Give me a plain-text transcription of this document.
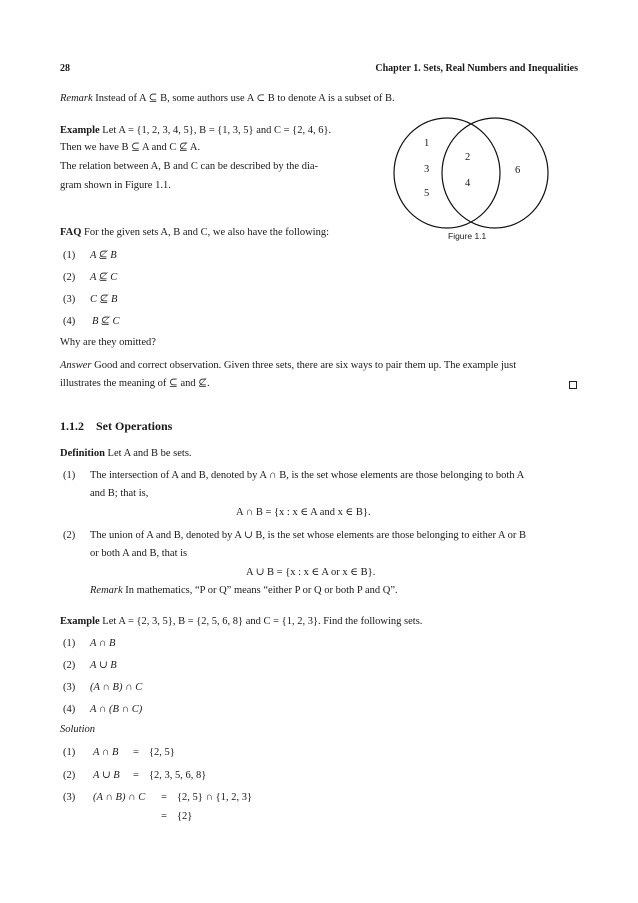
28	Chapter 1. Sets, Real Numbers and Inequalities
Remark Instead of A ⊆ B, some authors use A ⊂ B to denote A is a subset of B.
Example Let A = {1, 2, 3, 4, 5}, B = {1, 3, 5} and C = {2, 4, 6}.
Then we have B ⊆ A and C ⊈ A.
The relation between A, B and C can be described by the dia-
gram shown in Figure 1.1.
1
3
5
2
4
6
Figure 1.1
FAQ For the given sets A, B and C, we also have the following:
(1) A ⊈ B
(2) A ⊈ C
(3) C ⊈ B
(4) B ⊈ C
Why are they omitted?
Answer Good and correct observation. Given three sets, there are six ways to pair them up. The example just
illustrates the meaning of ⊆ and ⊈.
1.1.2 Set Operations
Definition Let A and B be sets.
(1) The intersection of A and B, denoted by A ∩ B, is the set whose elements are those belonging to both A
and B; that is,
A ∩ B = {x : x ∈ A and x ∈ B}.
(2) The union of A and B, denoted by A ∪ B, is the set whose elements are those belonging to either A or B
or both A and B, that is
A ∪ B = {x : x ∈ A or x ∈ B}.
Remark In mathematics, “P or Q” means “either P or Q or both P and Q”.
Example Let A = {2, 3, 5}, B = {2, 5, 6, 8} and C = {1, 2, 3}. Find the following sets.
(1) A ∩ B
(2) A ∪ B
(3) (A ∩ B) ∩ C
(4) A ∩ (B ∩ C)
Solution
(1) A ∩ B = {2, 5}
(2) A ∪ B = {2, 3, 5, 6, 8}
(3) (A ∩ B) ∩ C = {2, 5} ∩ {1, 2, 3}
= {2}
